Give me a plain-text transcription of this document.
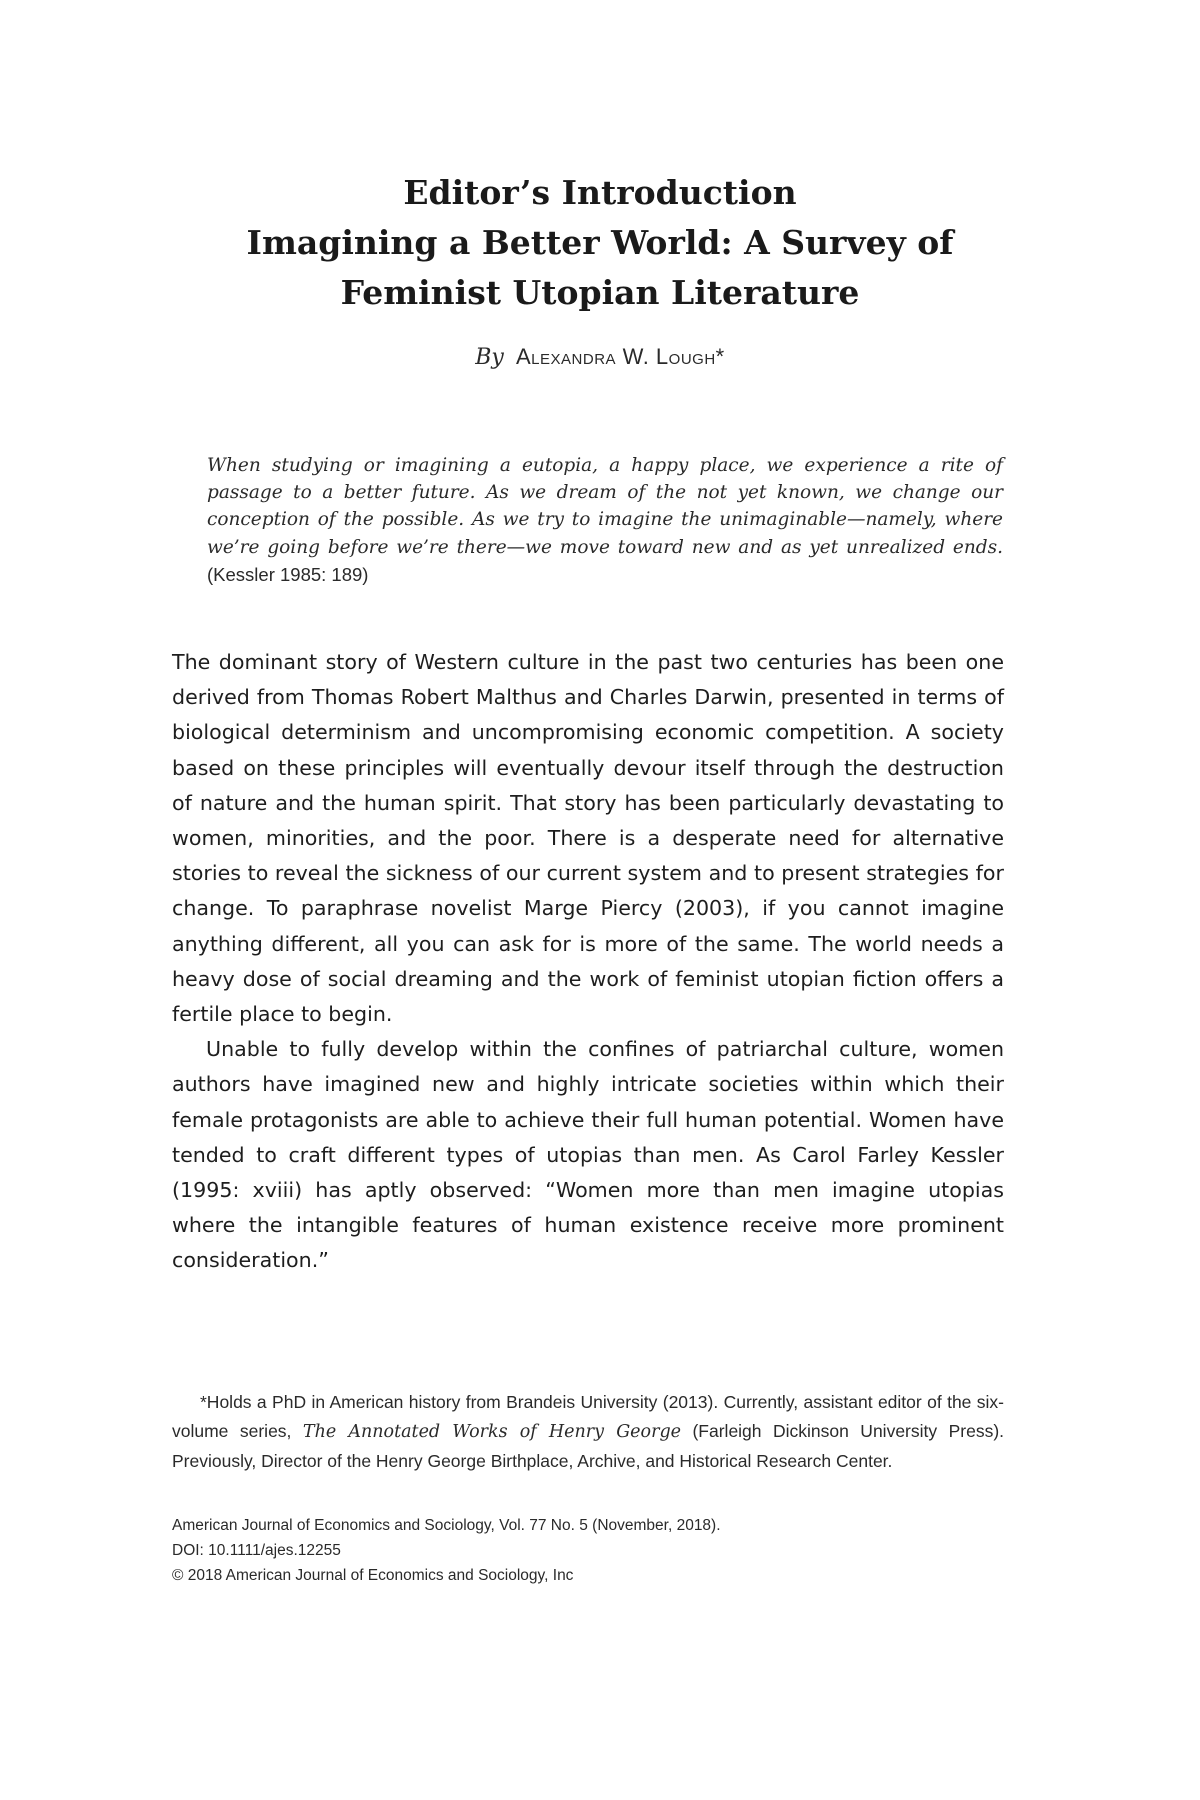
Editor’s Introduction
Imagining a Better World: A Survey of
Feminist Utopian Literature
By Alexandra W. Lough*
When studying or imagining a eutopia, a happy place, we experience a rite of passage to a better future. As we dream of the not yet known, we change our conception of the possible. As we try to imagine the unimaginable—namely, where we’re going before we’re there—we move toward new and as yet unrealized ends. (Kessler 1985: 189)

The dominant story of Western culture in the past two centuries has been one derived from Thomas Robert Malthus and Charles Darwin, presented in terms of biological determinism and uncompromising economic competition. A society based on these principles will eventually devour itself through the destruction of nature and the human spirit. That story has been particularly devastating to women, minorities, and the poor. There is a desperate need for alternative stories to reveal the sickness of our current system and to present strategies for change. To paraphrase novelist Marge Piercy (2003), if you cannot imagine anything different, all you can ask for is more of the same. The world needs a heavy dose of social dreaming and the work of feminist utopian fiction offers a fertile place to begin.

Unable to fully develop within the confines of patriarchal culture, women authors have imagined new and highly intricate societies within which their female protagonists are able to achieve their full human potential. Women have tended to craft different types of utopias than men. As Carol Farley Kessler (1995: xviii) has aptly observed: “Women more than men imagine utopias where the intangible features of human existence receive more prominent consideration.”

*Holds a PhD in American history from Brandeis University (2013). Currently, assistant editor of the six-volume series, The Annotated Works of Henry George (Farleigh Dickinson University Press). Previously, Director of the Henry George Birthplace, Archive, and Historical Research Center.
American Journal of Economics and Sociology, Vol. 77 No. 5 (November, 2018).
DOI: 10.1111/ajes.12255
© 2018 American Journal of Economics and Sociology, Inc
